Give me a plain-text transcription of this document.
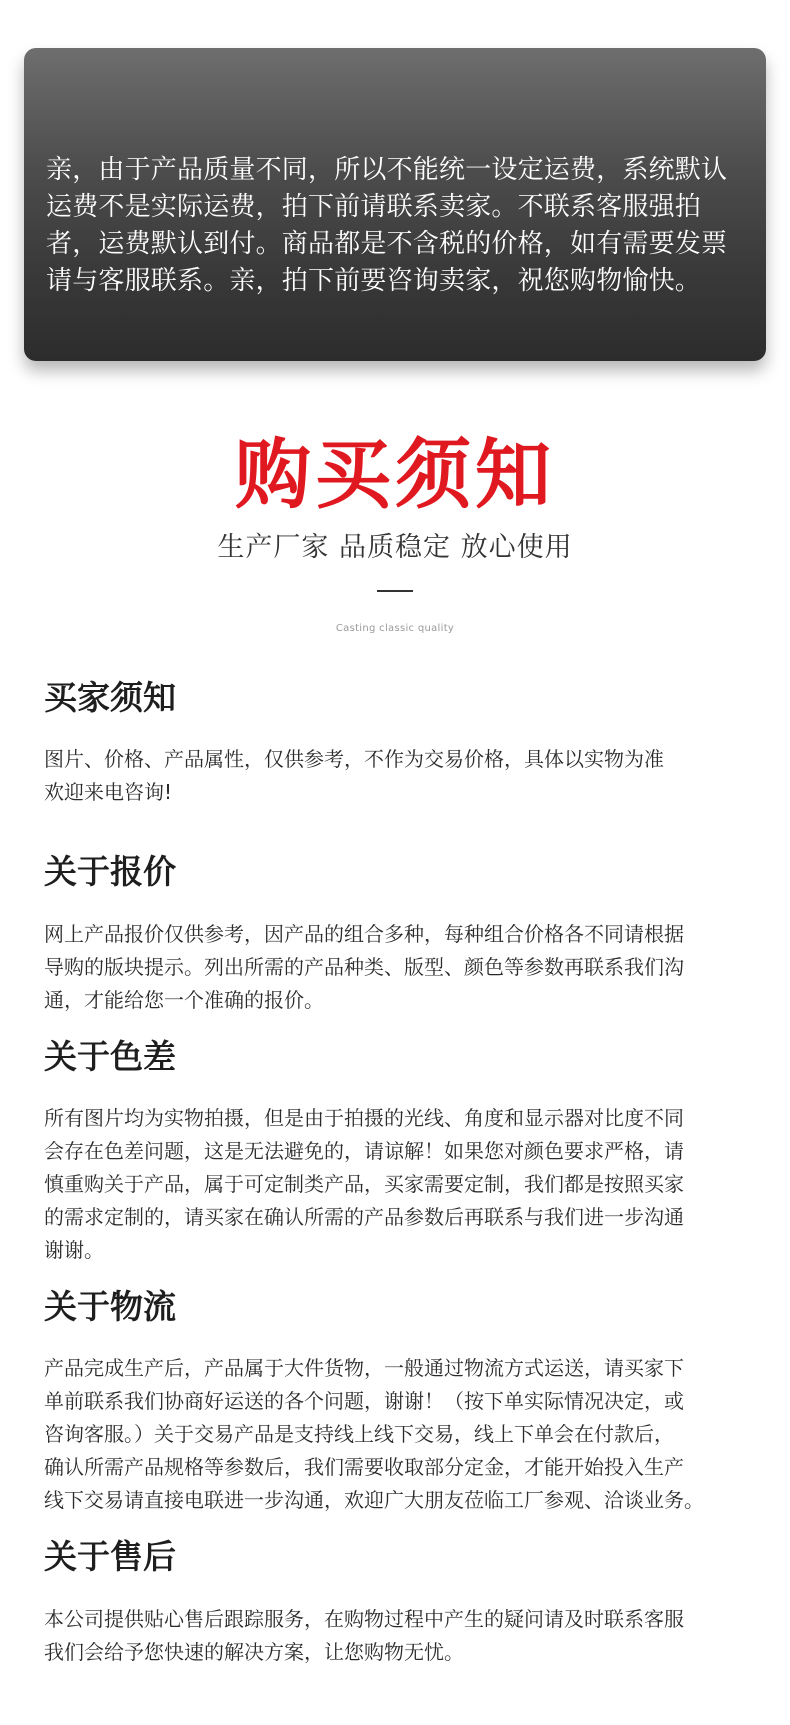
亲，由于产品质量不同，所以不能统一设定运费，系统默认运费不是实际运费，拍下前请联系卖家。不联系客服强拍者，运费默认到付。商品都是不含税的价格，如有需要发票请与客服联系。亲，拍下前要咨询卖家，祝您购物愉快。

购买须知

生产厂家 品质稳定 放心使用

Casting classic quality

买家须知

图片、价格、产品属性，仅供参考，不作为交易价格，具体以实物为准
欢迎来电咨询!

关于报价

网上产品报价仅供参考，因产品的组合多种，每种组合价格各不同请根据
导购的版块提示。列出所需的产品种类、版型、颜色等参数再联系我们沟
通，才能给您一个准确的报价。

关于色差

所有图片均为实物拍摄，但是由于拍摄的光线、角度和显示器对比度不同
会存在色差问题，这是无法避免的，请谅解！如果您对颜色要求严格，请
慎重购关于产品，属于可定制类产品，买家需要定制，我们都是按照买家
的需求定制的，请买家在确认所需的产品参数后再联系与我们进一步沟通
谢谢。

关于物流

产品完成生产后，产品属于大件货物，一般通过物流方式运送，请买家下
单前联系我们协商好运送的各个问题，谢谢！（按下单实际情况决定，或
咨询客服。）关于交易产品是支持线上线下交易，线上下单会在付款后，
确认所需产品规格等参数后，我们需要收取部分定金，才能开始投入生产
线下交易请直接电联进一步沟通，欢迎广大朋友莅临工厂参观、洽谈业务。

关于售后

本公司提供贴心售后跟踪服务，在购物过程中产生的疑问请及时联系客服
我们会给予您快速的解决方案，让您购物无忧。
